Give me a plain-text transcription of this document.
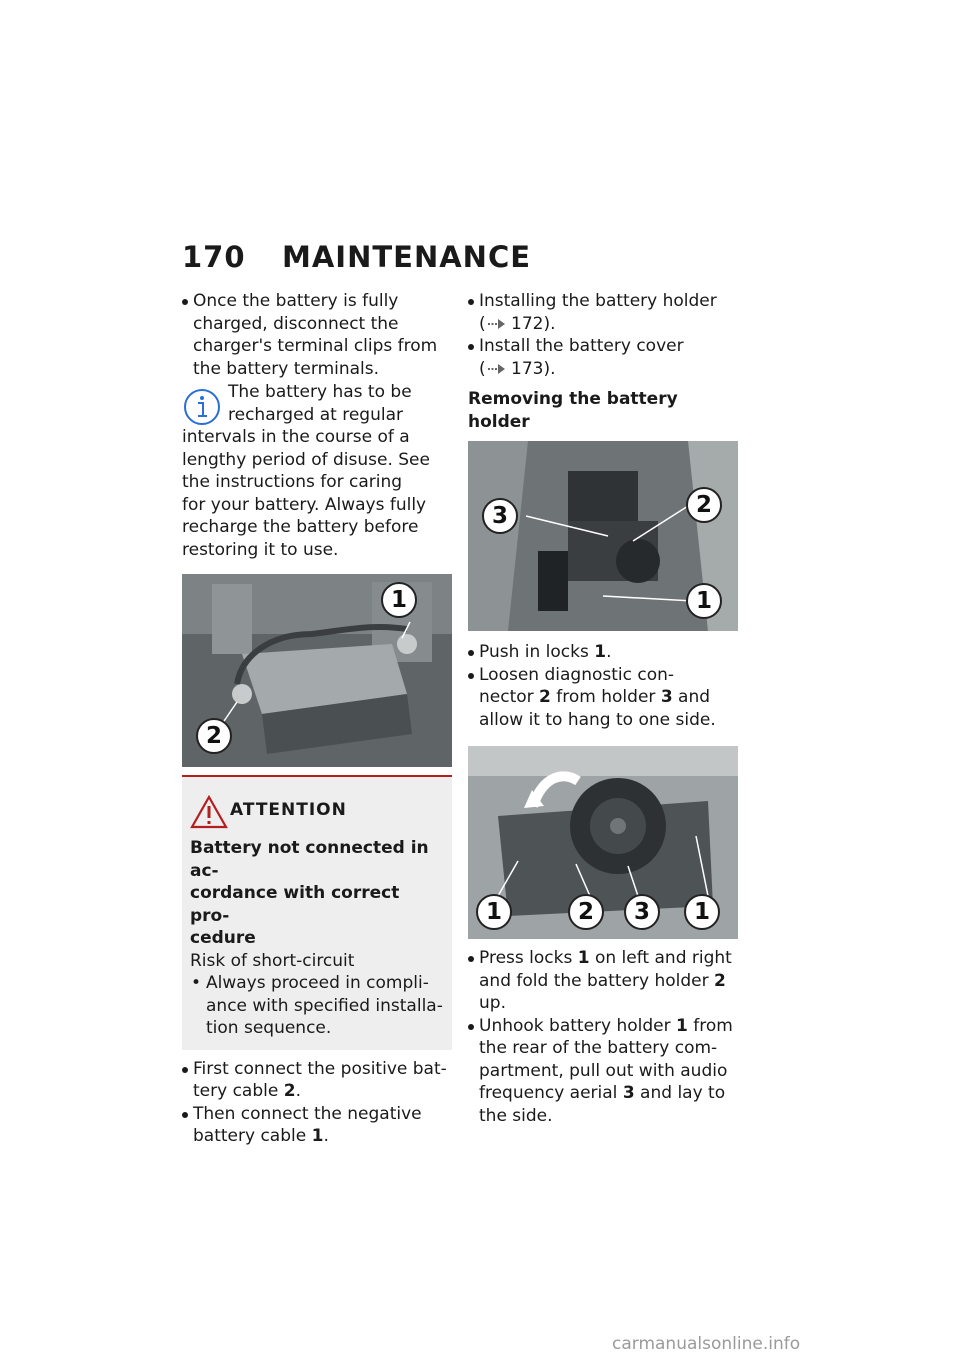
170 MAINTENANCE
Once the battery is fully
charged, disconnect the
charger's terminal clips from
the battery terminals.
The battery has to be
recharged at regular
intervals in the course of a
lengthy period of disuse. See
the instructions for caring
for your battery. Always fully
recharge the battery before
restoring it to use.
1
2
ATTENTION
Battery not connected in ac-
cordance with correct pro-
cedure
Risk of short-circuit
• Always proceed in compli-
ance with specified installa-
tion sequence.
First connect the positive bat-
tery cable 2.
Then connect the negative
battery cable 1.
Installing the battery holder
( 172).
Install the battery cover
( 173).
Removing the battery holder
3	2
1
Push in locks 1.
Loosen diagnostic con-
nector 2 from holder 3 and
allow it to hang to one side.
1	2	3	1
Press locks 1 on left and right
and fold the battery holder 2
up.
Unhook battery holder 1 from
the rear of the battery com-
partment, pull out with audio
frequency aerial 3 and lay to
the side.
carmanualsonline.info
